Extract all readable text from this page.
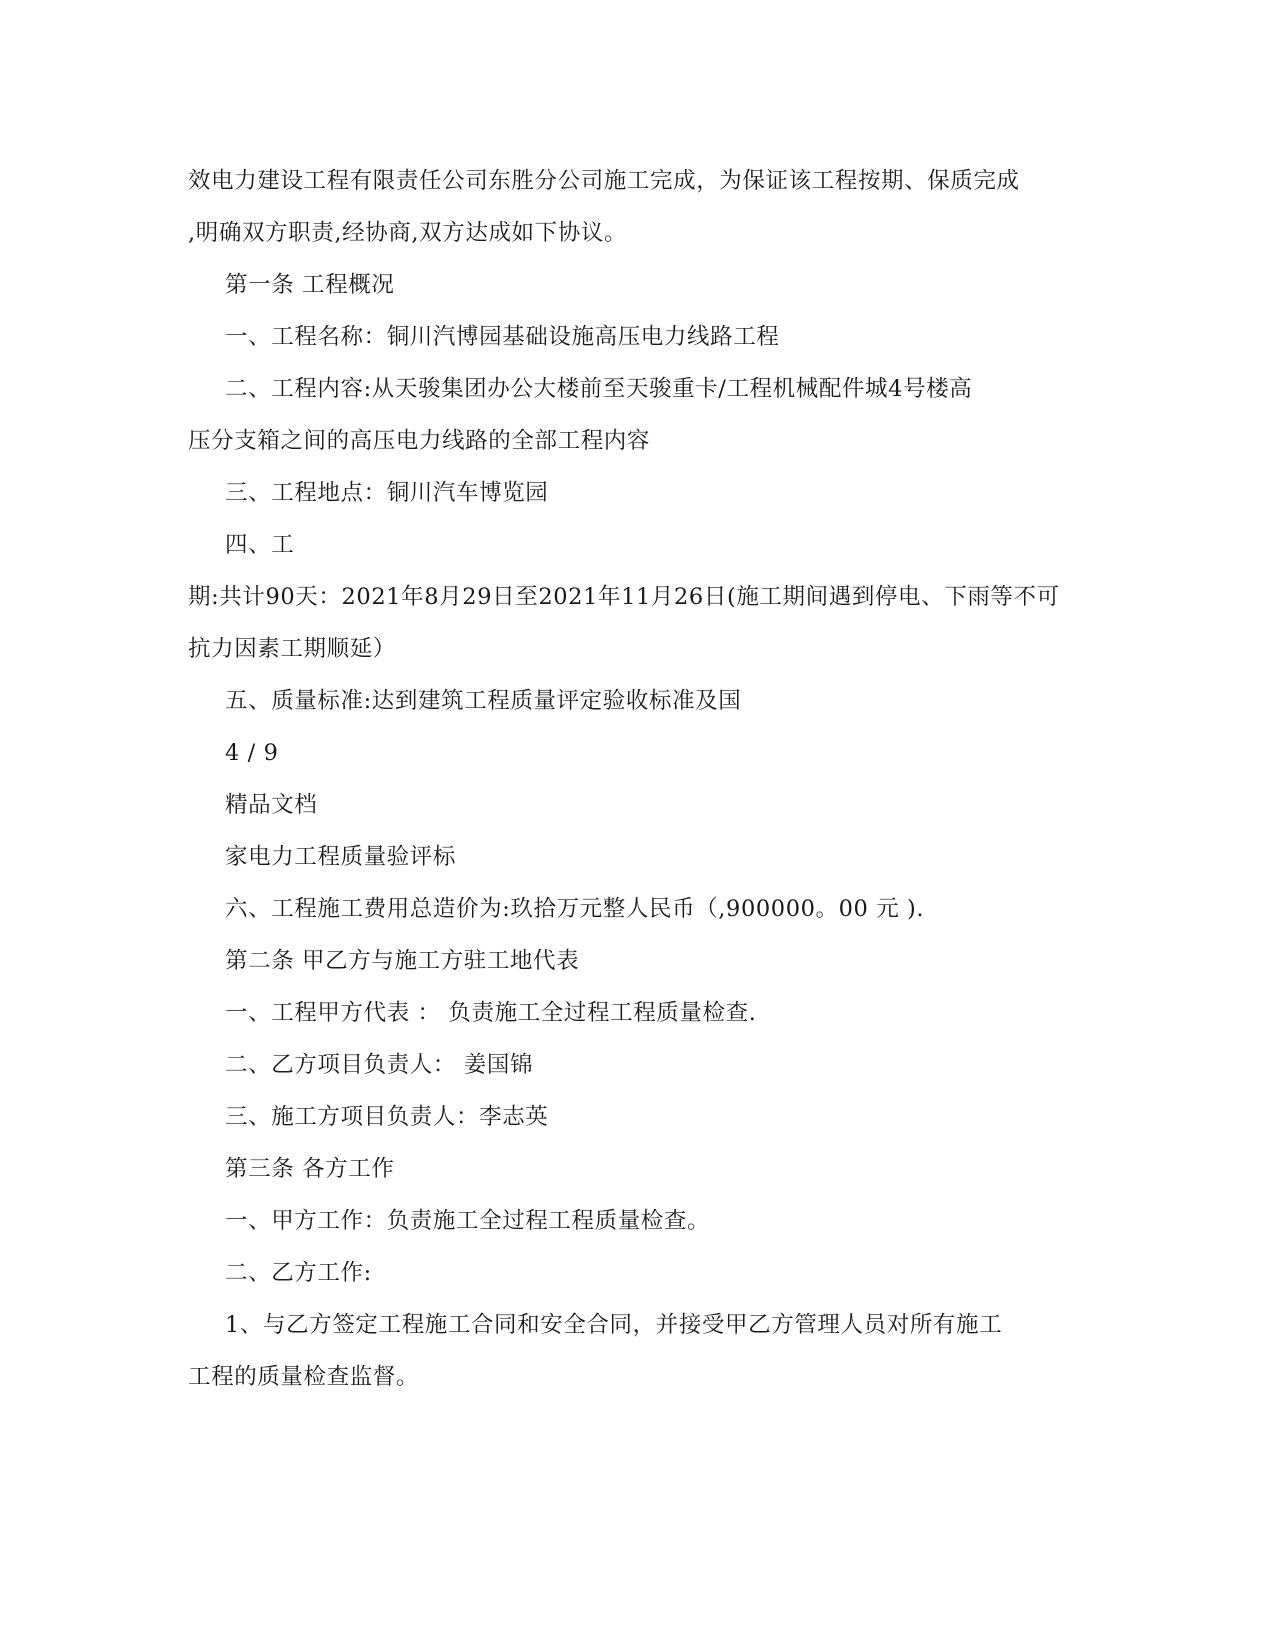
效电力建设工程有限责任公司东胜分公司施工完成，为保证该工程按期、保质完成
,明确双方职责,经协商,双方达成如下协议。
第一条 工程概况
一、工程名称：铜川汽博园基础设施高压电力线路工程
二、工程内容:从天骏集团办公大楼前至天骏重卡/工程机械配件城4号楼高
压分支箱之间的高压电力线路的全部工程内容
三、工程地点：铜川汽车博览园
四、工
期:共计90天：2021年8月29日至2021年11月26日(施工期间遇到停电、下雨等不可
抗力因素工期顺延）
五、质量标准:达到建筑工程质量评定验收标准及国
4 / 9
精品文档
家电力工程质量验评标
六、工程施工费用总造价为:玖拾万元整人民币（,900000。00 元 ).
第二条 甲乙方与施工方驻工地代表
一、工程甲方代表 ： 负责施工全过程工程质量检查.
二、乙方项目负责人： 姜国锦
三、施工方项目负责人：李志英
第三条 各方工作
一、甲方工作：负责施工全过程工程质量检查。
二、乙方工作:
1、与乙方签定工程施工合同和安全合同，并接受甲乙方管理人员对所有施工
工程的质量检查监督。
